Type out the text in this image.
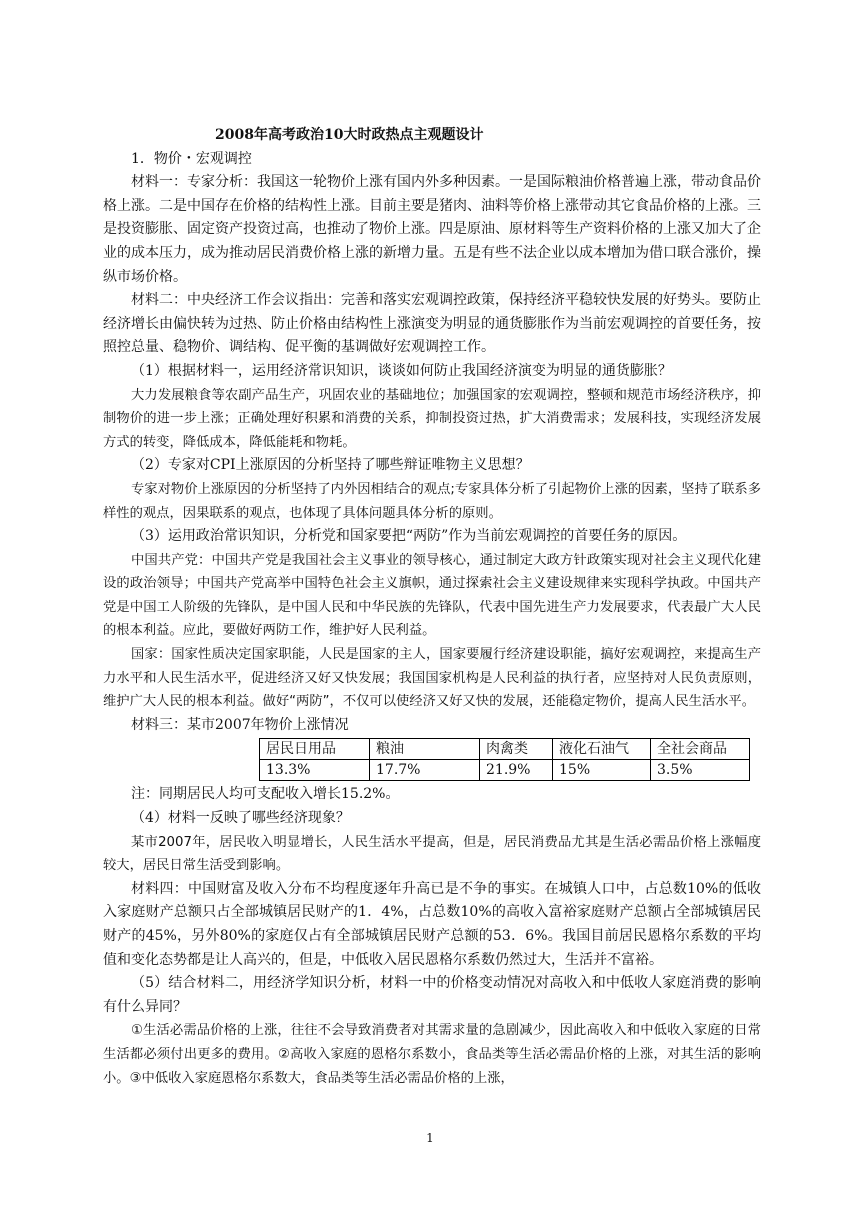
2008年高考政治10大时政热点主观题设计

1．物价・宏观调控

材料一：专家分析：我国这一轮物价上涨有国内外多种因素。一是国际粮油价格普遍上涨，带动食品价格上涨。二是中国存在价格的结构性上涨。目前主要是猪肉、油料等价格上涨带动其它食品价格的上涨。三是投资膨胀、固定资产投资过高，也推动了物价上涨。四是原油、原材料等生产资料价格的上涨又加大了企业的成本压力，成为推动居民消费价格上涨的新增力量。五是有些不法企业以成本增加为借口联合涨价，操纵市场价格。

材料二：中央经济工作会议指出：完善和落实宏观调控政策，保持经济平稳较快发展的好势头。要防止经济增长由偏快转为过热、防止价格由结构性上涨演变为明显的通货膨胀作为当前宏观调控的首要任务，按照控总量、稳物价、调结构、促平衡的基调做好宏观调控工作。

（1）根据材料一，运用经济常识知识，谈谈如何防止我国经济演变为明显的通货膨胀？

大力发展粮食等农副产品生产，巩固农业的基础地位；加强国家的宏观调控，整顿和规范市场经济秩序，抑制物价的进一步上涨；正确处理好积累和消费的关系，抑制投资过热，扩大消费需求；发展科技，实现经济发展方式的转变，降低成本，降低能耗和物耗。

（2）专家对CPI上涨原因的分析坚持了哪些辩证唯物主义思想？

专家对物价上涨原因的分析坚持了内外因相结合的观点;专家具体分析了引起物价上涨的因素，坚持了联系多样性的观点，因果联系的观点，也体现了具体问题具体分析的原则。

（3）运用政治常识知识，分析党和国家要把“两防”作为当前宏观调控的首要任务的原因。

中国共产党：中国共产党是我国社会主义事业的领导核心，通过制定大政方针政策实现对社会主义现代化建设的政治领导；中国共产党高举中国特色社会主义旗帜，通过探索社会主义建设规律来实现科学执政。中国共产党是中国工人阶级的先锋队，是中国人民和中华民族的先锋队，代表中国先进生产力发展要求，代表最广大人民的根本利益。应此，要做好两防工作，维护好人民利益。

国家：国家性质决定国家职能，人民是国家的主人，国家要履行经济建设职能，搞好宏观调控，来提高生产力水平和人民生活水平，促进经济又好又快发展；我国国家机构是人民利益的执行者，应坚持对人民负责原则，维护广大人民的根本利益。做好“两防”，不仅可以使经济又好又快的发展，还能稳定物价，提高人民生活水平。

材料三：某市2007年物价上涨情况

居民日用品	粮油	肉禽类	液化石油气	全社会商品
13.3%	17.7%	21.9%	15%	3.5%

注：同期居民人均可支配收入增长15.2%。

（4）材料一反映了哪些经济现象？

某市2007年，居民收入明显增长，人民生活水平提高，但是，居民消费品尤其是生活必需品价格上涨幅度较大，居民日常生活受到影响。

材料四：中国财富及收入分布不均程度逐年升高已是不争的事实。在城镇人口中，占总数10%的低收入家庭财产总额只占全部城镇居民财产的1．4%，占总数10%的高收入富裕家庭财产总额占全部城镇居民财产的45%，另外80%的家庭仅占有全部城镇居民财产总额的53．6%。我国目前居民恩格尔系数的平均值和变化态势都是让人高兴的，但是，中低收入居民恩格尔系数仍然过大，生活并不富裕。

（5）结合材料二，用经济学知识分析，材料一中的价格变动情况对高收入和中低收人家庭消费的影响有什么异同？

①生活必需品价格的上涨，往往不会导致消费者对其需求量的急剧减少，因此高收入和中低收入家庭的日常生活都必须付出更多的费用。②高收入家庭的恩格尔系数小，食品类等生活必需品价格的上涨，对其生活的影响小。③中低收入家庭恩格尔系数大，食品类等生活必需品价格的上涨，

1
